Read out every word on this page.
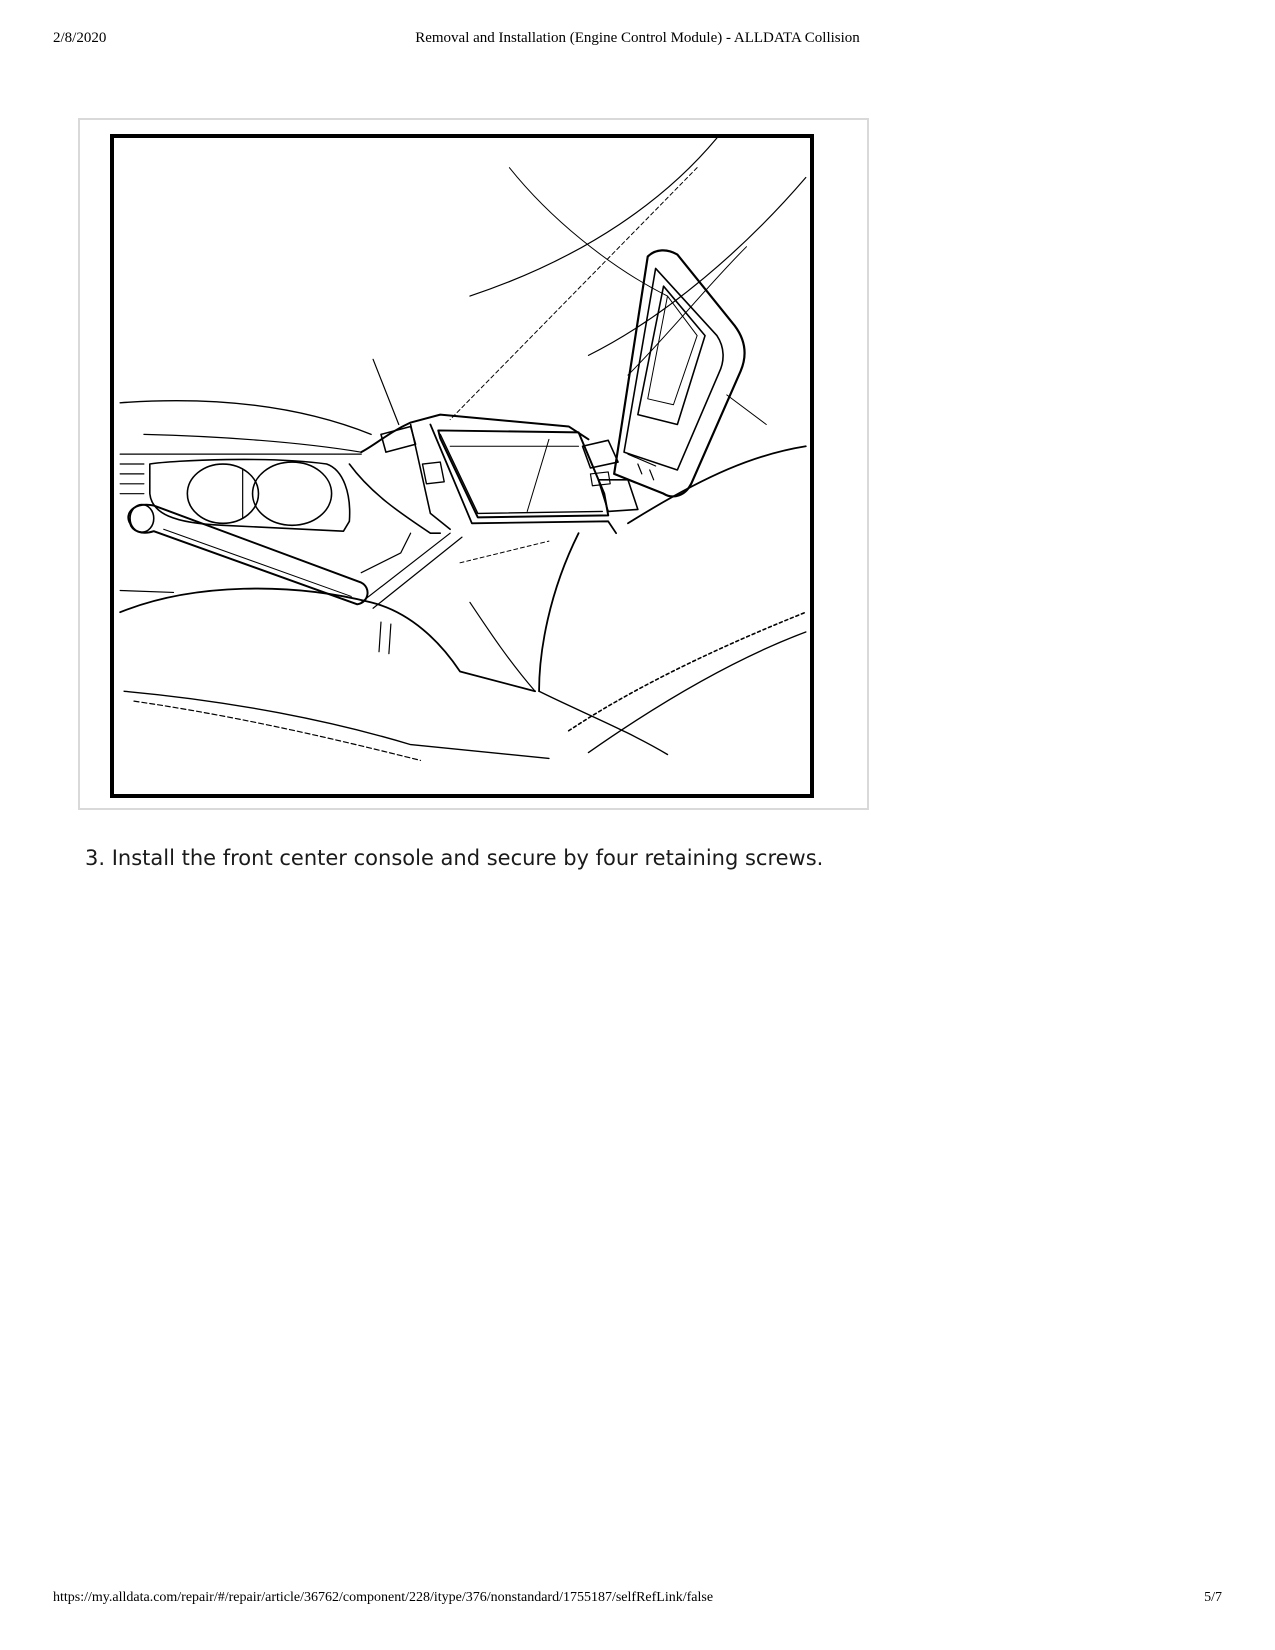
2/8/2020	Removal and Installation (Engine Control Module) - ALLDATA Collision
3. Install the front center console and secure by four retaining screws.
https://my.alldata.com/repair/#/repair/article/36762/component/228/itype/376/nonstandard/1755187/selfRefLink/false	5/7
